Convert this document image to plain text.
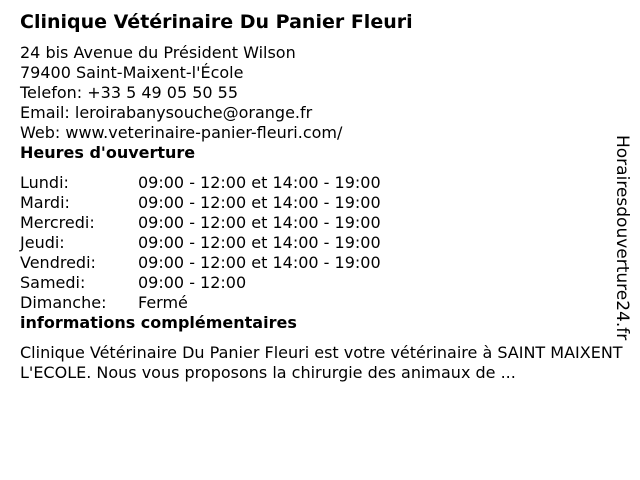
Clinique Vétérinaire Du Panier Fleuri
24 bis Avenue du Président Wilson
79400 Saint-Maixent-l'École
Telefon: +33 5 49 05 50 55
Email: leroirabanysouche@orange.fr
Web: www.veterinaire-panier-fleuri.com/
Heures d'ouverture
Lundi:	09:00 - 12:00 et 14:00 - 19:00
Mardi:	09:00 - 12:00 et 14:00 - 19:00
Mercredi:	09:00 - 12:00 et 14:00 - 19:00
Jeudi:	09:00 - 12:00 et 14:00 - 19:00
Vendredi:	09:00 - 12:00 et 14:00 - 19:00
Samedi:	09:00 - 12:00
Dimanche:	Fermé
informations complémentaires
Clinique Vétérinaire Du Panier Fleuri est votre vétérinaire à SAINT MAIXENT L'ECOLE. Nous vous proposons la chirurgie des animaux de ...
Horairesdouverture24.fr
